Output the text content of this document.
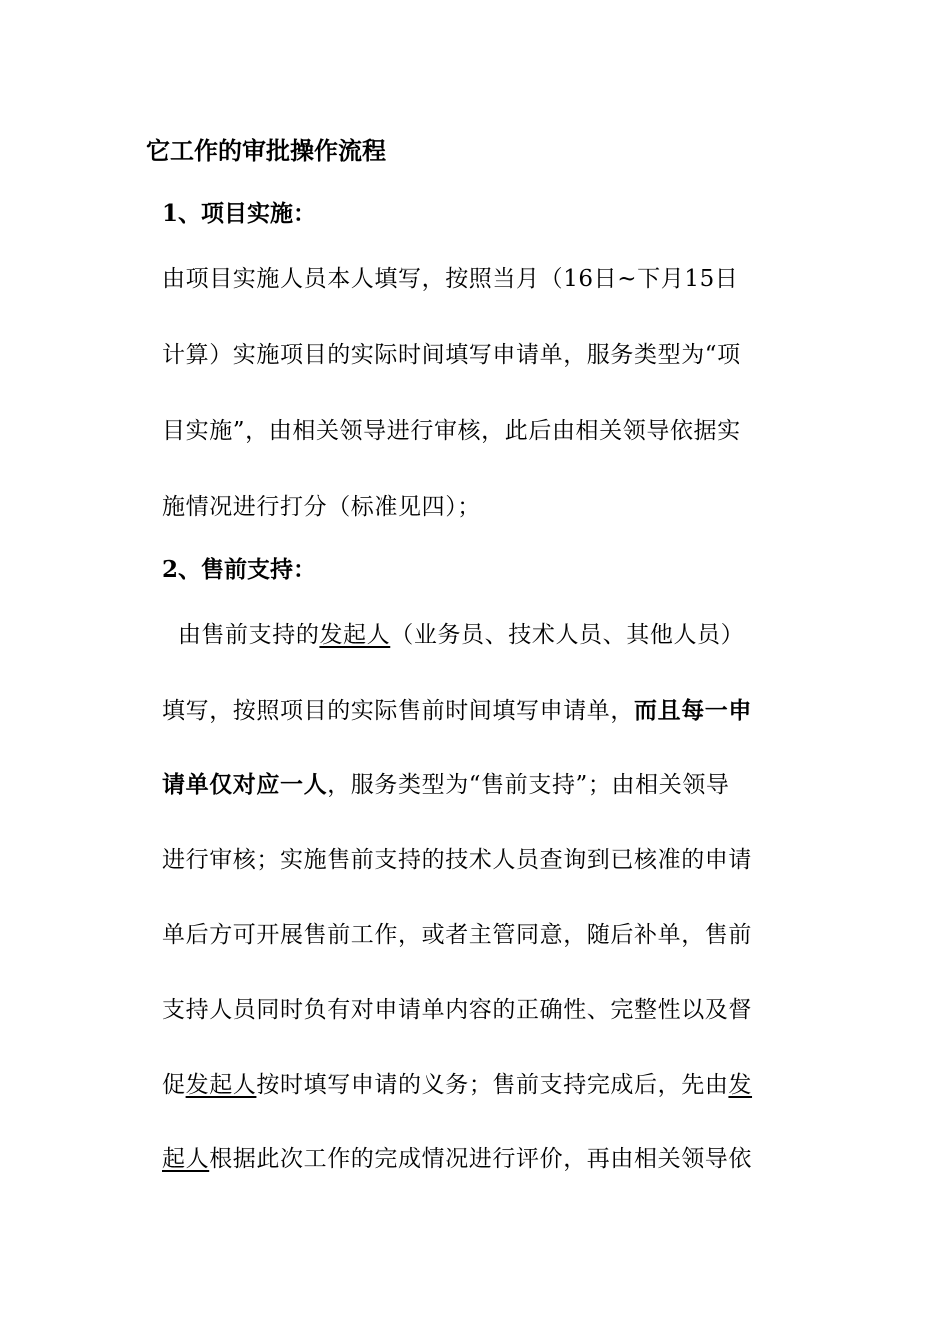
它工作的审批操作流程
1、项目实施：
由项目实施人员本人填写，按照当月（16日~下月15日
计算）实施项目的实际时间填写申请单，服务类型为“项
目实施”，由相关领导进行审核，此后由相关领导依据实
施情况进行打分（标准见四）；
2、售前支持：
由售前支持的发起人（业务员、技术人员、其他人员）
填写，按照项目的实际售前时间填写申请单，而且每一申
请单仅对应一人，服务类型为“售前支持”；由相关领导
进行审核；实施售前支持的技术人员查询到已核准的申请
单后方可开展售前工作，或者主管同意，随后补单，售前
支持人员同时负有对申请单内容的正确性、完整性以及督
促发起人按时填写申请的义务；售前支持完成后，先由发
起人根据此次工作的完成情况进行评价，再由相关领导依
